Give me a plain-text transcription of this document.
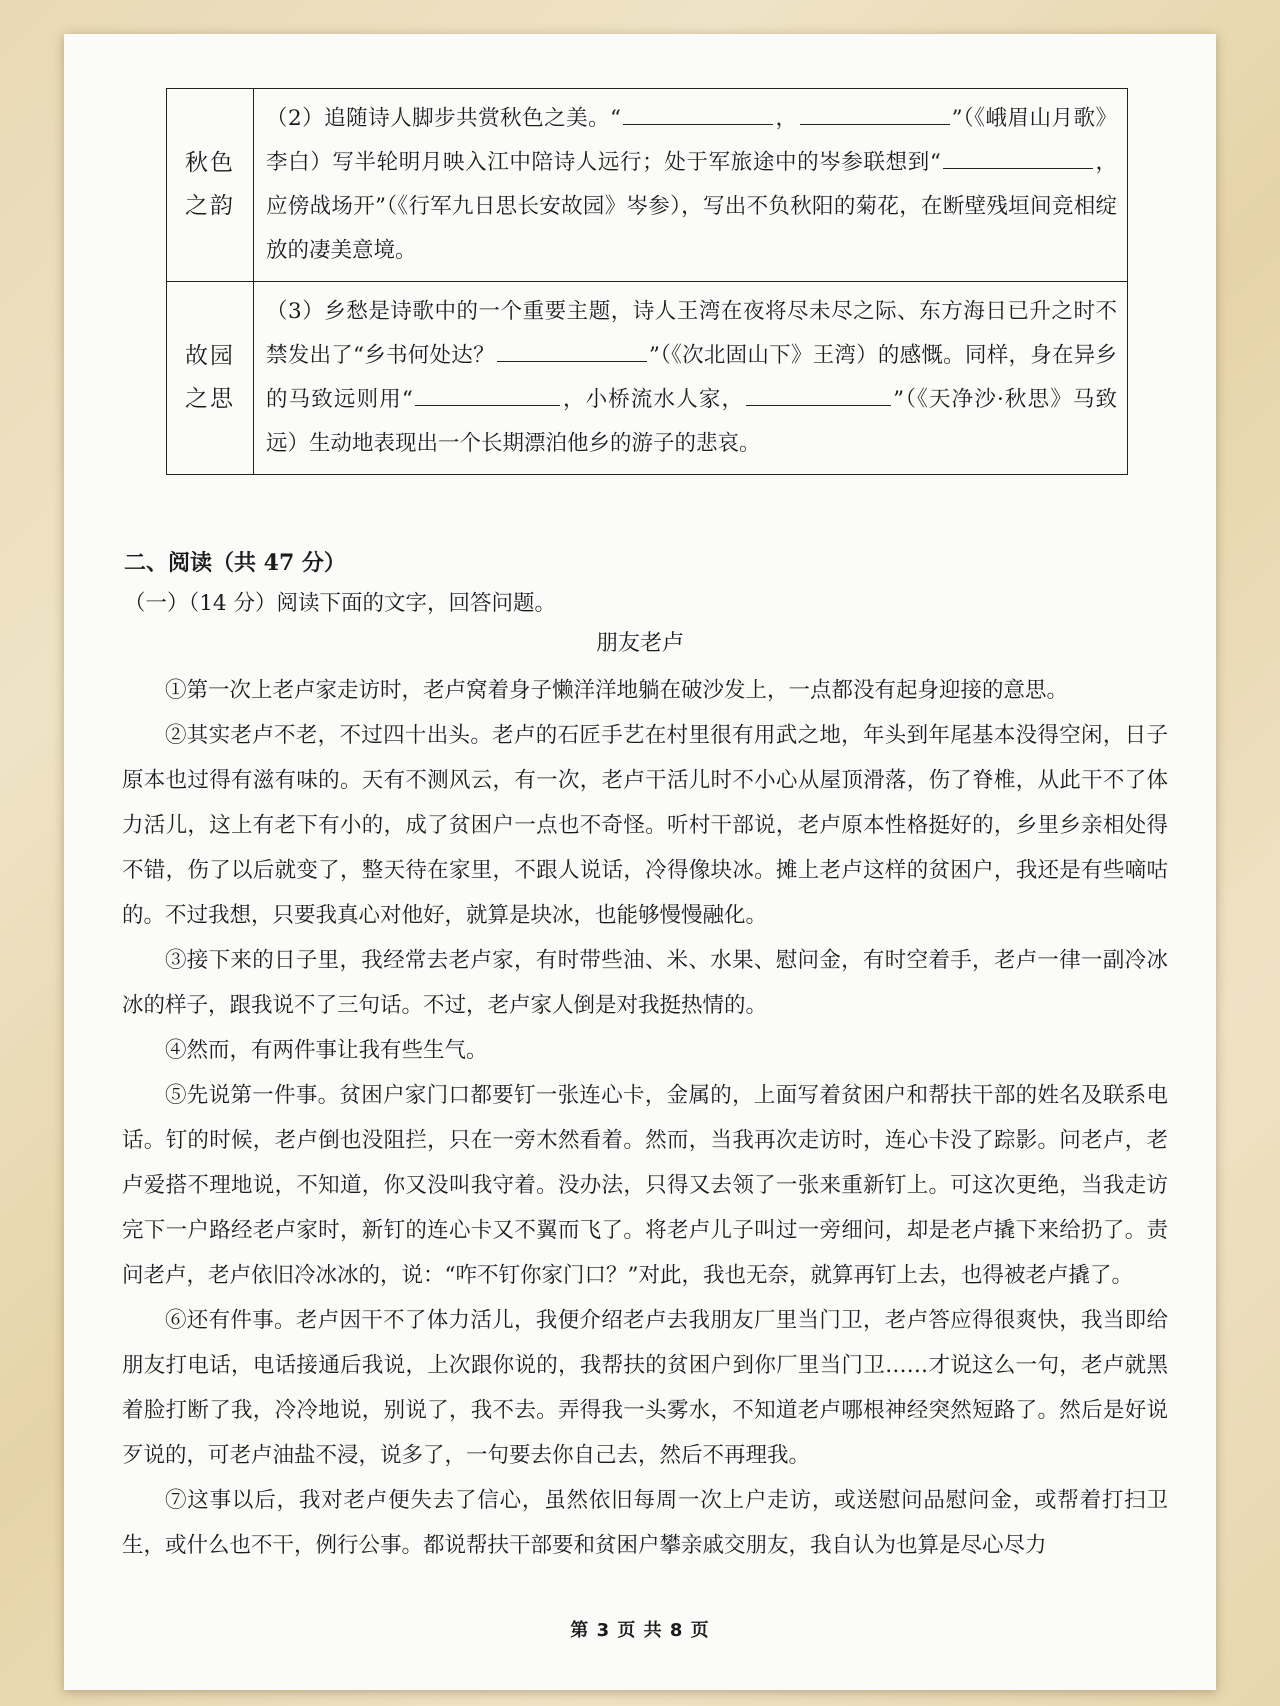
秋色
之韵	（2）追随诗人脚步共赏秋色之美。“ ， ”（《峨眉山月歌》李白）写半轮明月映入江中陪诗人远行；处于军旅途中的岑参联想到“ ，应傍战场开”（《行军九日思长安故园》岑参），写出不负秋阳的菊花，在断壁残垣间竞相绽放的凄美意境。
故园
之思	（3）乡愁是诗歌中的一个重要主题，诗人王湾在夜将尽未尽之际、东方海日已升之时不禁发出了“乡书何处达？ ”（《次北固山下》王湾）的感慨。同样，身在异乡的马致远则用“ ，小桥流水人家， ”（《天净沙·秋思》马致远）生动地表现出一个长期漂泊他乡的游子的悲哀。
二、阅读（共 47 分）
（一）（14 分）阅读下面的文字，回答问题。
朋友老卢

①第一次上老卢家走访时，老卢窝着身子懒洋洋地躺在破沙发上，一点都没有起身迎接的意思。

②其实老卢不老，不过四十出头。老卢的石匠手艺在村里很有用武之地，年头到年尾基本没得空闲，日子原本也过得有滋有味的。天有不测风云，有一次，老卢干活儿时不小心从屋顶滑落，伤了脊椎，从此干不了体力活儿，这上有老下有小的，成了贫困户一点也不奇怪。听村干部说，老卢原本性格挺好的，乡里乡亲相处得不错，伤了以后就变了，整天待在家里，不跟人说话，冷得像块冰。摊上老卢这样的贫困户，我还是有些嘀咕的。不过我想，只要我真心对他好，就算是块冰，也能够慢慢融化。

③接下来的日子里，我经常去老卢家，有时带些油、米、水果、慰问金，有时空着手，老卢一律一副冷冰冰的样子，跟我说不了三句话。不过，老卢家人倒是对我挺热情的。

④然而，有两件事让我有些生气。

⑤先说第一件事。贫困户家门口都要钉一张连心卡，金属的，上面写着贫困户和帮扶干部的姓名及联系电话。钉的时候，老卢倒也没阻拦，只在一旁木然看着。然而，当我再次走访时，连心卡没了踪影。问老卢，老卢爱搭不理地说，不知道，你又没叫我守着。没办法，只得又去领了一张来重新钉上。可这次更绝，当我走访完下一户路经老卢家时，新钉的连心卡又不翼而飞了。将老卢儿子叫过一旁细问，却是老卢撬下来给扔了。责问老卢，老卢依旧冷冰冰的，说：“咋不钉你家门口？”对此，我也无奈，就算再钉上去，也得被老卢撬了。

⑥还有件事。老卢因干不了体力活儿，我便介绍老卢去我朋友厂里当门卫，老卢答应得很爽快，我当即给朋友打电话，电话接通后我说，上次跟你说的，我帮扶的贫困户到你厂里当门卫……才说这么一句，老卢就黑着脸打断了我，冷冷地说，别说了，我不去。弄得我一头雾水，不知道老卢哪根神经突然短路了。然后是好说歹说的，可老卢油盐不浸，说多了，一句要去你自己去，然后不再理我。

⑦这事以后，我对老卢便失去了信心，虽然依旧每周一次上户走访，或送慰问品慰问金，或帮着打扫卫生，或什么也不干，例行公事。都说帮扶干部要和贫困户攀亲戚交朋友，我自认为也算是尽心尽力

第 3 页 共 8 页
